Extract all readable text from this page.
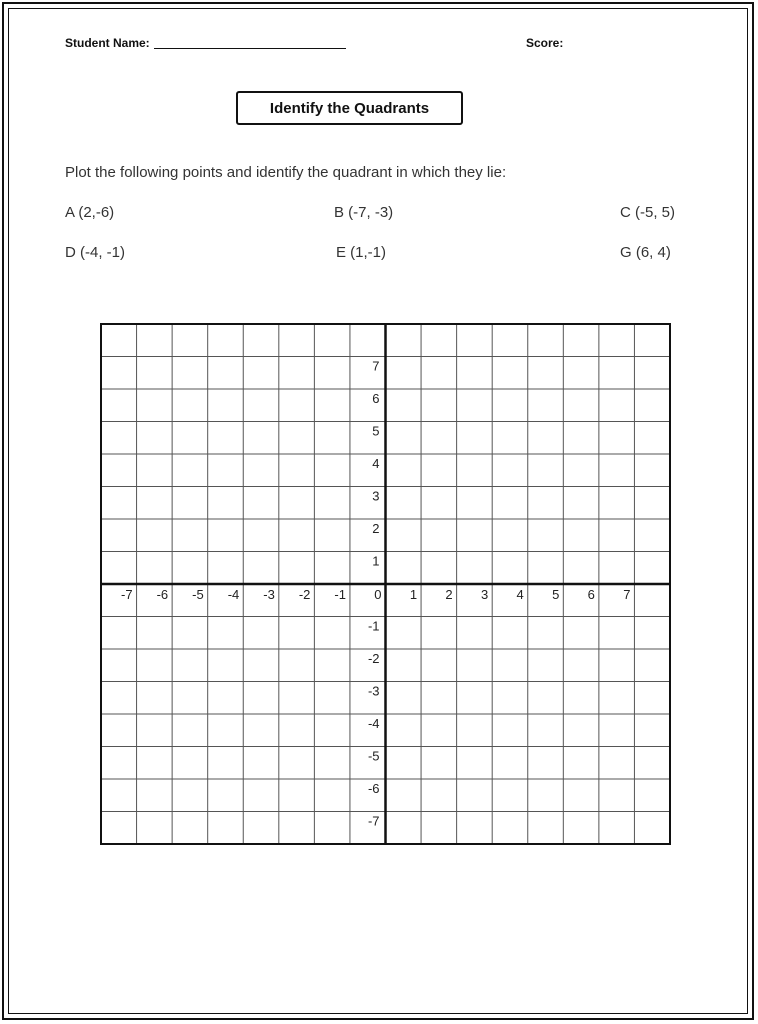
Student Name:	Score:
Identify the Quadrants
Plot the following points and identify the quadrant in which they lie:
A (2,-6)	B (-7, -3)	C (-5, 5)
D (-4, -1)	E (1,-1)	G (6, 4)
-7 -6 -5 -4 -3 -2 -1 0 1 2 3 4 5 6 7
7
6
5
4
3
2
1
-1
-2
-3
-4
-5
-6
-7
